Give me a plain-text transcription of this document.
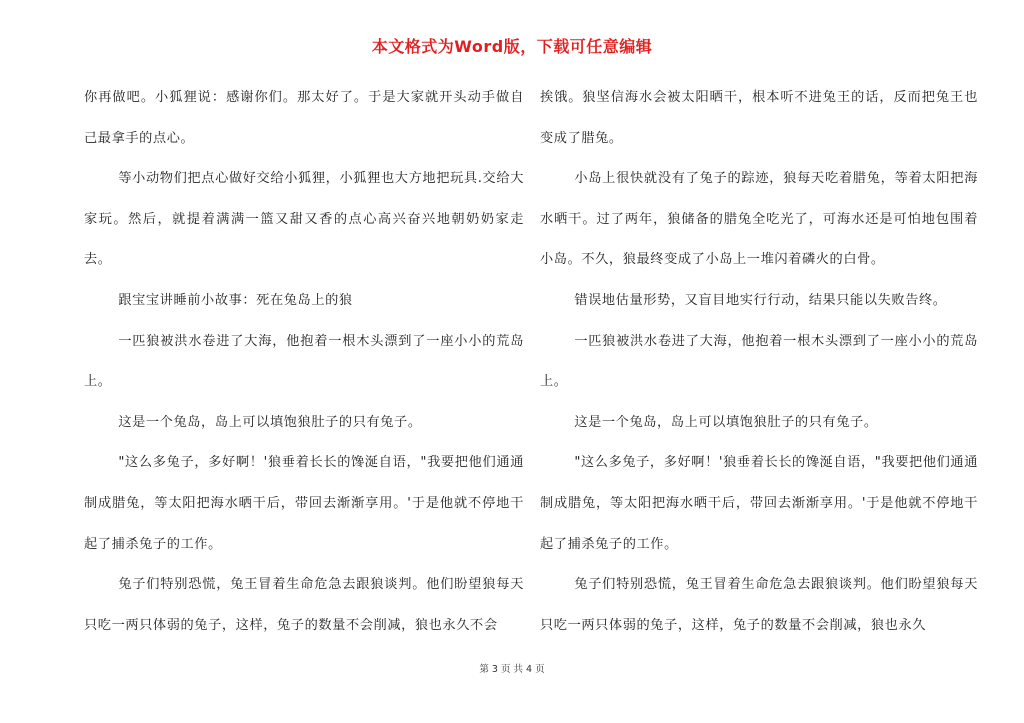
本文格式为Word版，下载可任意编辑

你再做吧。小狐狸说：感谢你们。那太好了。于是大家就开头动手做自己最拿手的点心。

等小动物们把点心做好交给小狐狸，小狐狸也大方地把玩具.交给大家玩。然后，就提着满满一篮又甜又香的点心高兴奋兴地朝奶奶家走去。

跟宝宝讲睡前小故事：死在兔岛上的狼

一匹狼被洪水卷进了大海，他抱着一根木头漂到了一座小小的荒岛上。

这是一个兔岛，岛上可以填饱狼肚子的只有兔子。

"这么多兔子，多好啊！'狼垂着长长的馋涎自语，"我要把他们通通制成腊兔，等太阳把海水晒干后，带回去渐渐享用。'于是他就不停地干起了捕杀兔子的工作。

兔子们特别恐慌，兔王冒着生命危急去跟狼谈判。他们盼望狼每天只吃一两只体弱的兔子，这样，兔子的数量不会削减，狼也永久不会

挨饿。狼坚信海水会被太阳晒干，根本听不进兔王的话，反而把兔王也变成了腊兔。

小岛上很快就没有了兔子的踪迹，狼每天吃着腊兔，等着太阳把海水晒干。过了两年，狼储备的腊兔全吃光了，可海水还是可怕地包围着小岛。不久，狼最终变成了小岛上一堆闪着磷火的白骨。

错误地估量形势，又盲目地实行行动，结果只能以失败告终。

一匹狼被洪水卷进了大海，他抱着一根木头漂到了一座小小的荒岛上。

这是一个兔岛，岛上可以填饱狼肚子的只有兔子。

"这么多兔子，多好啊！'狼垂着长长的馋涎自语，"我要把他们通通制成腊兔，等太阳把海水晒干后，带回去渐渐享用。'于是他就不停地干起了捕杀兔子的工作。

兔子们特别恐慌，兔王冒着生命危急去跟狼谈判。他们盼望狼每天只吃一两只体弱的兔子，这样，兔子的数量不会削减，狼也永久

第 3 页 共 4 页
